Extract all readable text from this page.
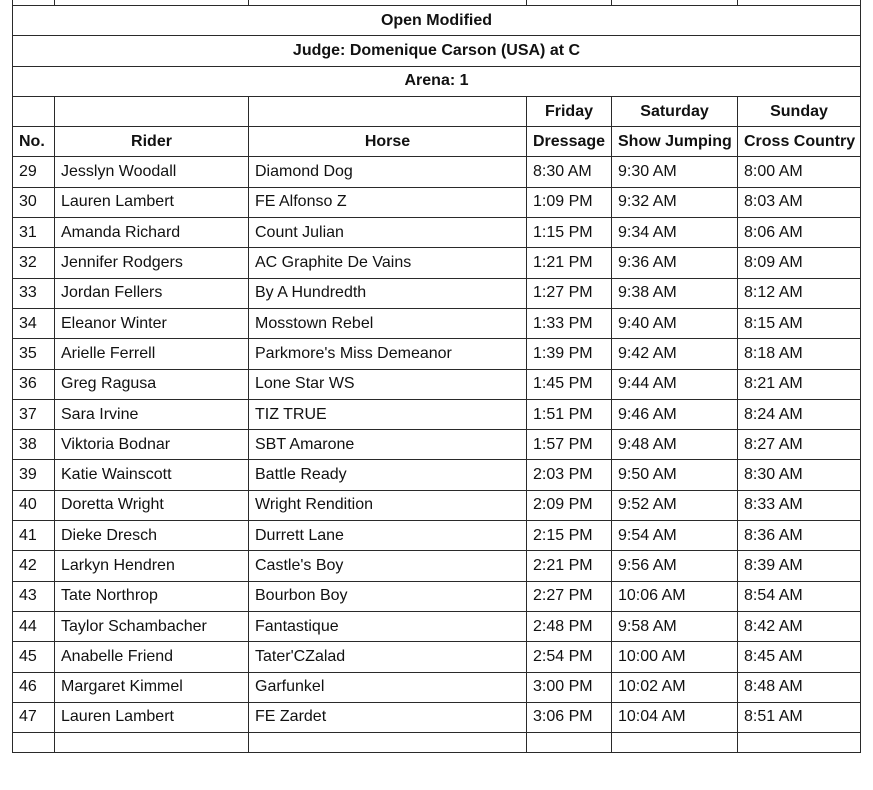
Open Modified					
Judge: Domenique Carson (USA) at C					
Arena: 1					
			Friday	Saturday	Sunday
No.	Rider	Horse	Dressage	Show Jumping	Cross Country
29	Jesslyn Woodall	Diamond Dog	8:30 AM	9:30 AM	8:00 AM
30	Lauren Lambert	FE Alfonso Z	1:09 PM	9:32 AM	8:03 AM
31	Amanda Richard	Count Julian	1:15 PM	9:34 AM	8:06 AM
32	Jennifer Rodgers	AC Graphite De Vains	1:21 PM	9:36 AM	8:09 AM
33	Jordan Fellers	By A Hundredth	1:27 PM	9:38 AM	8:12 AM
34	Eleanor Winter	Mosstown Rebel	1:33 PM	9:40 AM	8:15 AM
35	Arielle Ferrell	Parkmore's Miss Demeanor	1:39 PM	9:42 AM	8:18 AM
36	Greg Ragusa	Lone Star WS	1:45 PM	9:44 AM	8:21 AM
37	Sara Irvine	TIZ TRUE	1:51 PM	9:46 AM	8:24 AM
38	Viktoria Bodnar	SBT Amarone	1:57 PM	9:48 AM	8:27 AM
39	Katie Wainscott	Battle Ready	2:03 PM	9:50 AM	8:30 AM
40	Doretta Wright	Wright Rendition	2:09 PM	9:52 AM	8:33 AM
41	Dieke Dresch	Durrett Lane	2:15 PM	9:54 AM	8:36 AM
42	Larkyn Hendren	Castle's Boy	2:21 PM	9:56 AM	8:39 AM
43	Tate Northrop	Bourbon Boy	2:27 PM	10:06 AM	8:54 AM
44	Taylor Schambacher	Fantastique	2:48 PM	9:58 AM	8:42 AM
45	Anabelle Friend	Tater'CZalad	2:54 PM	10:00 AM	8:45 AM
46	Margaret Kimmel	Garfunkel	3:00 PM	10:02 AM	8:48 AM
47	Lauren Lambert	FE Zardet	3:06 PM	10:04 AM	8:51 AM
